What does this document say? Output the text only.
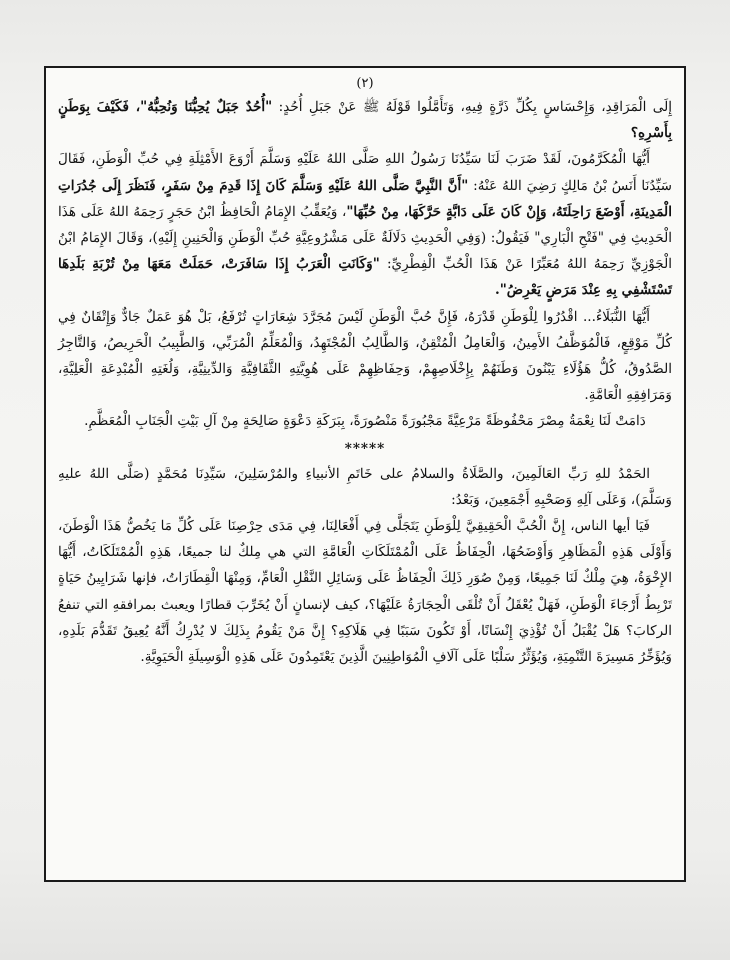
(٢)

إِلَى الْمَرَاقِدِ، وَإِحْسَاسٍ بِكُلِّ ذَرَّةٍ فِيهِ، وَتَأَمَّلُوا قَوْلَهُ ﷺ عَنْ جَبَلِ أُحُدٍ: "أُحُدٌ جَبَلٌ يُحِبُّنَا وَنُحِبُّهُ"، فَكَيْفَ بِوَطَنٍ بِأَسْرِهِ؟

أَيُّهَا الْمُكَرَّمُونَ، لَقَدْ ضَرَبَ لَنَا سَيِّدُنَا رَسُولُ اللهِ صَلَّى اللهُ عَلَيْهِ وَسَلَّمَ أَرْوَعَ الأَمْثِلَةِ فِي حُبِّ الْوَطَنِ، فَقَالَ سَيِّدُنَا أَنَسُ بْنُ مَالِكٍ رَضِيَ اللهُ عَنْهُ: "أَنَّ النَّبِيَّ صَلَّى اللهُ عَلَيْهِ وَسَلَّمَ كَانَ إِذَا قَدِمَ مِنْ سَفَرٍ، فَنَظَرَ إِلَى جُدُرَاتِ الْمَدِينَةِ، أَوْضَعَ رَاحِلَتَهُ، وَإِنْ كَانَ عَلَى دَابَّةٍ حَرَّكَهَا، مِنْ حُبِّهَا"، وَيُعَقِّبُ الإِمَامُ الْحَافِظُ ابْنُ حَجَرٍ رَحِمَهُ اللهُ عَلَى هَذَا الْحَدِيثِ فِي "فَتْحِ الْبَارِي" فَيَقُولُ: (وَفِي الْحَدِيثِ دَلَالَةٌ عَلَى مَشْرُوعِيَّةِ حُبِّ الْوَطَنِ وَالْحَنِينِ إِلَيْهِ)، وَقَالَ الإِمَامُ ابْنُ الْجَوْزِيِّ رَحِمَهُ اللهُ مُعَبِّرًا عَنْ هَذَا الْحُبِّ الْفِطْرِيِّ: "وَكَانَتِ الْعَرَبُ إِذَا سَافَرَتْ، حَمَلَتْ مَعَهَا مِنْ تُرْبَةِ بَلَدِهَا تَسْتَشْفِي بِهِ عِنْدَ مَرَضٍ يَعْرِضُ".

أَيُّهَا النُّبَلَاءُ... اقْدُرُوا لِلْوَطَنِ قَدْرَهُ، فَإِنَّ حُبَّ الْوَطَنِ لَيْسَ مُجَرَّدَ شِعَارَاتٍ تُرْفَعُ، بَلْ هُوَ عَمَلٌ جَادٌّ وَإِتْقَانٌ فِي كُلِّ مَوْقِعٍ، فَالْمُوَظَّفُ الأَمِينُ، وَالْعَامِلُ الْمُتْقِنُ، وَالطَّالِبُ الْمُجْتَهِدُ، وَالْمُعَلِّمُ الْمُرَبِّي، وَالطَّبِيبُ الْحَرِيصُ، وَالتَّاجِرُ الصَّدُوقُ، كُلُّ هَؤُلَاءِ يَبْنُونَ وَطَنَهُمْ بِإِخْلَاصِهِمْ، وَحِفَاظِهِمْ عَلَى هُوِيَّتِهِ الثَّقَافِيَّةِ وَالدِّينِيَّةِ، وَلُغَتِهِ الْمُبْدِعَةِ الْعَلِيَّةِ، وَمَرَافِقِهِ الْعَامَّةِ.

دَامَتْ لَنَا نِعْمَةُ مِصْرَ مَحْفُوظَةً مَرْعِيَّةً مَجْبُورَةً مَنْصُورَةً، بِبَرَكَةِ دَعْوَةٍ صَالِحَةٍ مِنْ آلِ بَيْتِ الْجَنَابِ الْمُعَظَّمِ.

*****

الحَمْدُ للهِ رَبِّ العَالَمِينَ، والصَّلَاةُ والسلامُ على خَاتَمِ الأنبياءِ والمُرْسَلِينَ، سَيِّدِنَا مُحَمَّدٍ (صَلَّى اللهُ عليهِ وَسَلَّمَ)، وَعَلَى آلِهِ وَصَحْبِهِ أَجْمَعِينَ، وَبَعْدُ:

فَيَا أيها الناس، إِنَّ الْحُبَّ الْحَقِيقِيَّ لِلْوَطَنِ يَتَجَلَّى فِي أَفْعَالِنَا، فِي مَدَى حِرْصِنَا عَلَى كُلِّ مَا يَخُصُّ هَذَا الْوَطَنَ، وَأَوْلَى هَذِهِ الْمَظَاهِرِ وَأَوْضَحُهَا، الْحِفَاظُ عَلَى الْمُمْتَلَكَاتِ الْعَامَّةِ التي هي مِلكٌ لنا جميعًا، هَذِهِ الْمُمْتَلَكَاتُ، أَيُّهَا الإِخْوَةُ، هِيَ مِلْكٌ لَنَا جَمِيعًا، وَمِنْ صُوَرِ ذَلِكَ الْحِفَاظُ عَلَى وَسَائِلِ النَّقْلِ الْعَامِّ، وَمِنْهَا الْقِطَارَاتُ، فإنها شَرَايِينُ حَيَاةٍ تَرْبِطُ أَرْجَاءَ الْوَطَنِ، فَهَلْ يُعْقَلُ أَنْ تُلْقَى الْحِجَارَةُ عَلَيْهَا؟، كيف لإنسانٍ أَنْ يُخَرِّبَ قطارًا ويعبث بمرافقهِ التي تنفعُ الركابَ؟ هَلْ يُقْبَلُ أَنْ تُؤْذِيَ إِنْسَانًا، أَوْ تَكُونَ سَبَبًا فِي هَلَاكِهِ؟ إِنَّ مَنْ يَقُومُ بِذَلِكَ لا يُدْرِكُ أَنَّهُ يُعِيقُ تَقَدُّمَ بَلَدِهِ، وَيُؤَخِّرُ مَسِيرَةَ التَّنْمِيَةِ، وَيُؤَثِّرُ سَلْبًا عَلَى آلَافِ الْمُوَاطِنِينَ الَّذِينَ يَعْتَمِدُونَ عَلَى هَذِهِ الْوَسِيلَةِ الْحَيَوِيَّةِ.
